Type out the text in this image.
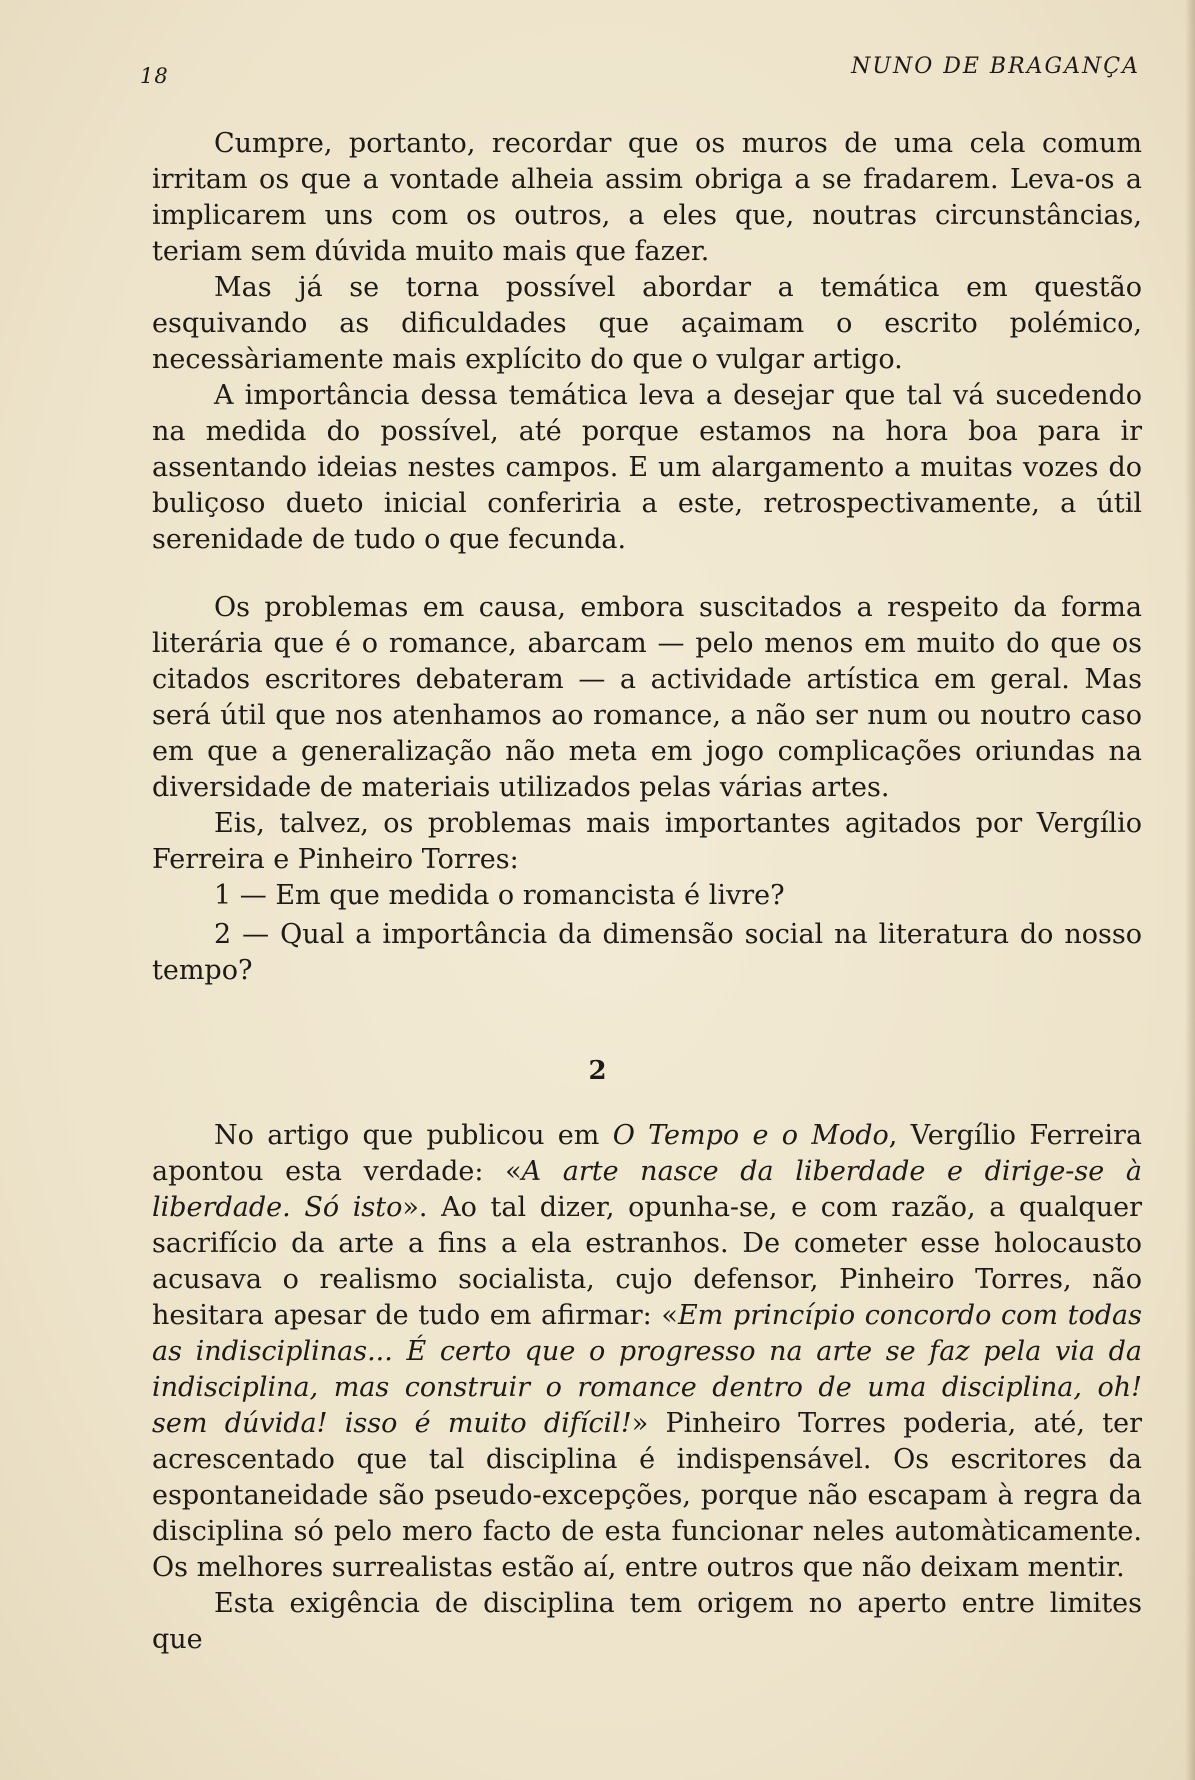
18	NUNO DE BRAGANÇA

Cumpre, portanto, recordar que os muros de uma cela comum irritam os que a vontade alheia assim obriga a se fradarem. Leva-os a implicarem uns com os outros, a eles que, noutras circunstâncias, teriam sem dúvida muito mais que fazer.

Mas já se torna possível abordar a temática em questão esquivando as dificuldades que açaimam o escrito polémico, necessàriamente mais explícito do que o vulgar artigo.

A importância dessa temática leva a desejar que tal vá sucedendo na medida do possível, até porque estamos na hora boa para ir assentando ideias nestes campos. E um alargamento a muitas vozes do buliçoso dueto inicial conferiria a este, retrospectivamente, a útil serenidade de tudo o que fecunda.

Os problemas em causa, embora suscitados a respeito da forma literária que é o romance, abarcam — pelo menos em muito do que os citados escritores debateram — a actividade artística em geral. Mas será útil que nos atenhamos ao romance, a não ser num ou noutro caso em que a generalização não meta em jogo complicações oriundas na diversidade de materiais utilizados pelas várias artes.

Eis, talvez, os problemas mais importantes agitados por Vergílio Ferreira e Pinheiro Torres:

1 — Em que medida o romancista é livre?

2 — Qual a importância da dimensão social na literatura do nosso tempo?

2

No artigo que publicou em O Tempo e o Modo, Vergílio Ferreira apontou esta verdade: «A arte nasce da liberdade e dirige-se à liberdade. Só isto». Ao tal dizer, opunha-se, e com razão, a qualquer sacrifício da arte a fins a ela estranhos. De cometer esse holocausto acusava o realismo socialista, cujo defensor, Pinheiro Torres, não hesitara apesar de tudo em afirmar: «Em princípio concordo com todas as indisciplinas... É certo que o progresso na arte se faz pela via da indisciplina, mas construir o romance dentro de uma disciplina, oh! sem dúvida! isso é muito difícil!» Pinheiro Torres poderia, até, ter acrescentado que tal disciplina é indispensável. Os escritores da espontaneidade são pseudo-excepções, porque não escapam à regra da disciplina só pelo mero facto de esta funcionar neles automàticamente. Os melhores surrealistas estão aí, entre outros que não deixam mentir.

Esta exigência de disciplina tem origem no aperto entre limites que
